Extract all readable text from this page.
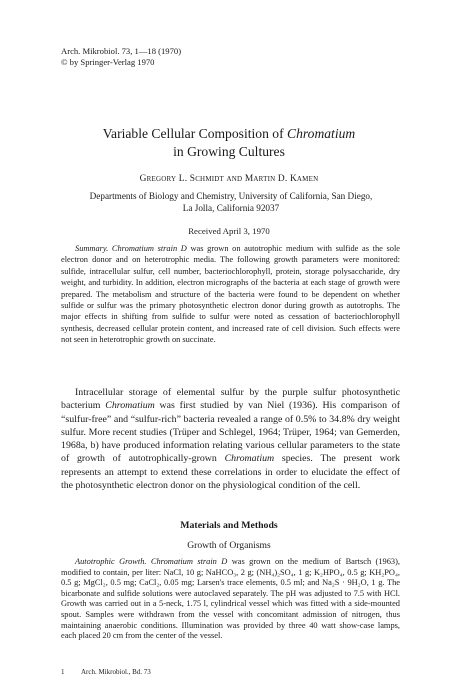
Arch. Mikrobiol. 73, 1—18 (1970)
© by Springer-Verlag 1970
Variable Cellular Composition of Chromatium
in Growing Cultures
Gregory L. Schmidt and Martin D. Kamen
Departments of Biology and Chemistry, University of California, San Diego,
La Jolla, California 92037
Received April 3, 1970

Summary. Chromatium strain D was grown on autotrophic medium with sulfide as the sole electron donor and on heterotrophic media. The following growth parameters were monitored: sulfide, intracellular sulfur, cell number, bacteriochlorophyll, protein, storage polysaccharide, dry weight, and turbidity. In addition, electron micrographs of the bacteria at each stage of growth were prepared. The metabolism and structure of the bacteria were found to be dependent on whether sulfide or sulfur was the primary photosynthetic electron donor during growth as autotrophs. The major effects in shifting from sulfide to sulfur were noted as cessation of bacteriochlorophyll synthesis, decreased cellular protein content, and increased rate of cell division. Such effects were not seen in heterotrophic growth on succinate.

Intracellular storage of elemental sulfur by the purple sulfur photosynthetic bacterium Chromatium was first studied by van Niel (1936). His comparison of “sulfur-free” and “sulfur-rich” bacteria revealed a range of 0.5% to 34.8% dry weight sulfur. More recent studies (Trüper and Schlegel, 1964; Trüper, 1964; van Gemerden, 1968a, b) have produced information relating various cellular parameters to the state of growth of autotrophically-grown Chromatium species. The present work represents an attempt to extend these correlations in order to elucidate the effect of the photosynthetic electron donor on the physiological condition of the cell.

Materials and Methods
Growth of Organisms

Autotrophic Growth. Chromatium strain D was grown on the medium of Bartsch (1963), modified to contain, per liter: NaCl, 10 g; NaHCO₃, 2 g; (NH₄)₂SO₄, 1 g; K₂HPO₄, 0.5 g; KH₂PO₄, 0.5 g; MgCl₂, 0.5 mg; CaCl₂, 0.05 mg; Larsen's trace elements, 0.5 ml; and Na₂S · 9H₂O, 1 g. The bicarbonate and sulfide solutions were autoclaved separately. The pH was adjusted to 7.5 with HCl. Growth was carried out in a 5-neck, 1.75 l, cylindrical vessel which was fitted with a side-mounted spout. Samples were withdrawn from the vessel with concomitant admission of nitrogen, thus maintaining anaerobic conditions. Illumination was provided by three 40 watt show-case lamps, each placed 20 cm from the center of the vessel.

1 Arch. Mikrobiol., Bd. 73
